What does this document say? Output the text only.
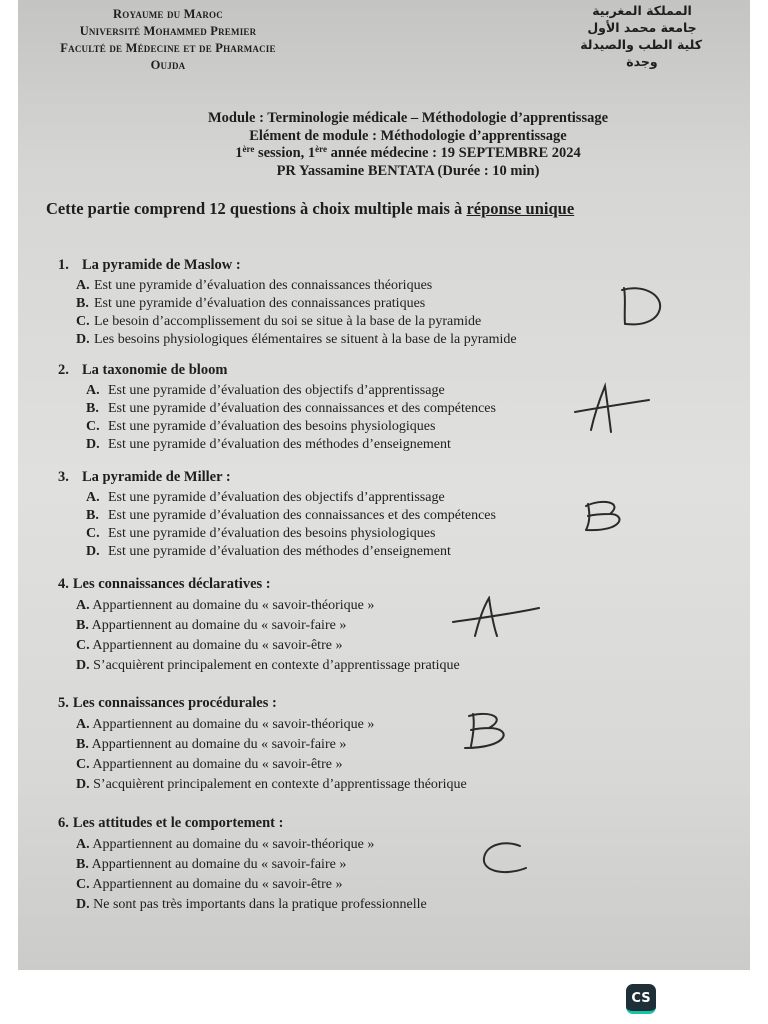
Royaume du Maroc
Université Mohammed Premier
Faculté de Médecine et de Pharmacie
Oujda
المملكة المغربية
جامعة محمد الأول
كلية الطب والصيدلة
وجدة
Module : Terminologie médicale – Méthodologie d’apprentissage
Elément de module : Méthodologie d’apprentissage
1ère session, 1ère année médecine : 19 SEPTEMBRE 2024
PR Yassamine BENTATA (Durée : 10 min)
Cette partie comprend 12 questions à choix multiple mais à réponse unique
1. La pyramide de Maslow :
A. Est une pyramide d’évaluation des connaissances théoriques
B. Est une pyramide d’évaluation des connaissances pratiques
C. Le besoin d’accomplissement du soi se situe à la base de la pyramide
D. Les besoins physiologiques élémentaires se situent à la base de la pyramide
2. La taxonomie de bloom
A. Est une pyramide d’évaluation des objectifs d’apprentissage
B. Est une pyramide d’évaluation des connaissances et des compétences
C. Est une pyramide d’évaluation des besoins physiologiques
D. Est une pyramide d’évaluation des méthodes d’enseignement
3. La pyramide de Miller :
A. Est une pyramide d’évaluation des objectifs d’apprentissage
B. Est une pyramide d’évaluation des connaissances et des compétences
C. Est une pyramide d’évaluation des besoins physiologiques
D. Est une pyramide d’évaluation des méthodes d’enseignement
4. Les connaissances déclaratives :
A. Appartiennent au domaine du « savoir-théorique »
B. Appartiennent au domaine du « savoir-faire »
C. Appartiennent au domaine du « savoir-être »
D. S’acquièrent principalement en contexte d’apprentissage pratique
5. Les connaissances procédurales :
A. Appartiennent au domaine du « savoir-théorique »
B. Appartiennent au domaine du « savoir-faire »
C. Appartiennent au domaine du « savoir-être »
D. S’acquièrent principalement en contexte d’apprentissage théorique
6. Les attitudes et le comportement :
A. Appartiennent au domaine du « savoir-théorique »
B. Appartiennent au domaine du « savoir-faire »
C. Appartiennent au domaine du « savoir-être »
D. Ne sont pas très importants dans la pratique professionnelle
CS
